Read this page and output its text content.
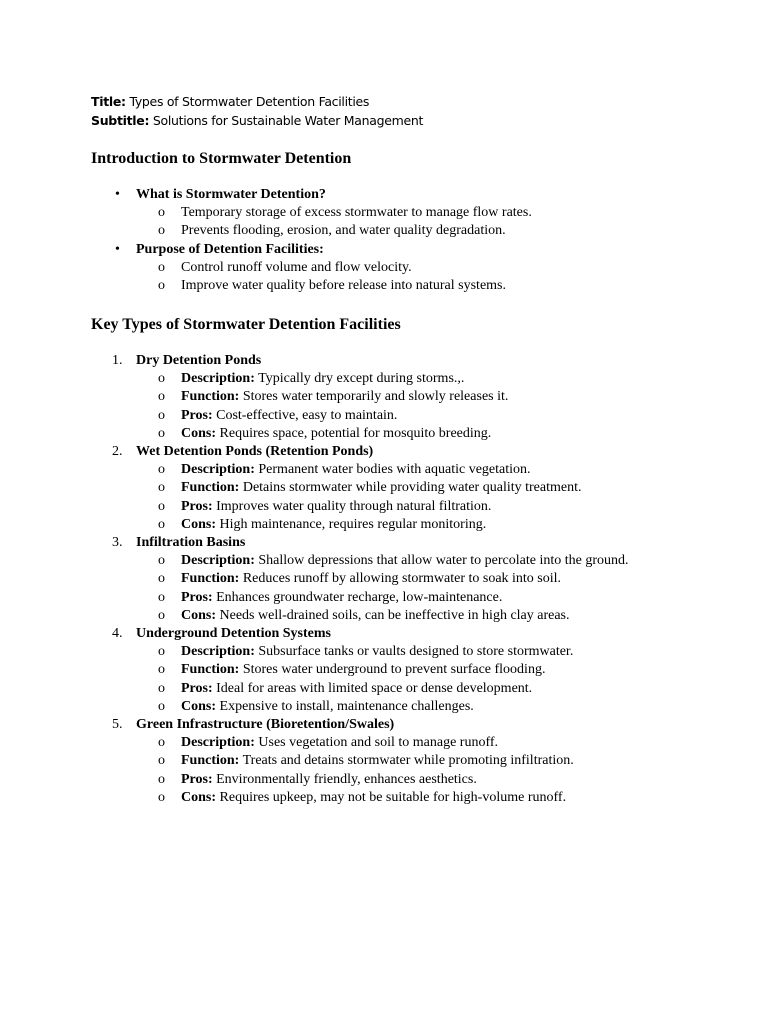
Title: Types of Stormwater Detention Facilities
Subtitle: Solutions for Sustainable Water Management
Introduction to Stormwater Detention
• What is Stormwater Detention?
o Temporary storage of excess stormwater to manage flow rates.
o Prevents flooding, erosion, and water quality degradation.
• Purpose of Detention Facilities:
o Control runoff volume and flow velocity.
o Improve water quality before release into natural systems.
Key Types of Stormwater Detention Facilities
1. Dry Detention Ponds
o Description: Typically dry except during storms.,.
o Function: Stores water temporarily and slowly releases it.
o Pros: Cost-effective, easy to maintain.
o Cons: Requires space, potential for mosquito breeding.
2. Wet Detention Ponds (Retention Ponds)
o Description: Permanent water bodies with aquatic vegetation.
o Function: Detains stormwater while providing water quality treatment.
o Pros: Improves water quality through natural filtration.
o Cons: High maintenance, requires regular monitoring.
3. Infiltration Basins
o Description: Shallow depressions that allow water to percolate into the ground.
o Function: Reduces runoff by allowing stormwater to soak into soil.
o Pros: Enhances groundwater recharge, low-maintenance.
o Cons: Needs well-drained soils, can be ineffective in high clay areas.
4. Underground Detention Systems
o Description: Subsurface tanks or vaults designed to store stormwater.
o Function: Stores water underground to prevent surface flooding.
o Pros: Ideal for areas with limited space or dense development.
o Cons: Expensive to install, maintenance challenges.
5. Green Infrastructure (Bioretention/Swales)
o Description: Uses vegetation and soil to manage runoff.
o Function: Treats and detains stormwater while promoting infiltration.
o Pros: Environmentally friendly, enhances aesthetics.
o Cons: Requires upkeep, may not be suitable for high-volume runoff.
